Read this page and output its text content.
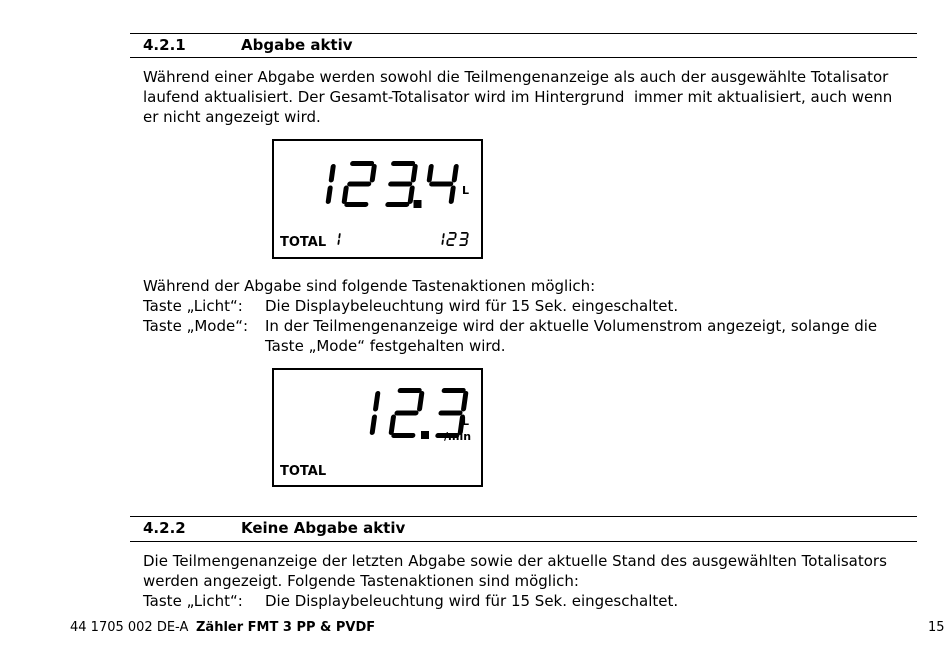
4.2.1	Abgabe aktiv
Während einer Abgabe werden sowohl die Teilmengenanzeige als auch der ausgewählte Totalisator
laufend aktualisiert. Der Gesamt-Totalisator wird im Hintergrund  immer mit aktualisiert, auch wenn
er nicht angezeigt wird.
L
TOTAL
Während der Abgabe sind folgende Tastenaktionen möglich:
Taste „Licht“: Die Displaybeleuchtung wird für 15 Sek. eingeschaltet.
Taste „Mode“: In der Teilmengenanzeige wird der aktuelle Volumenstrom angezeigt, solange die
Taste „Mode“ festgehalten wird.
L
/min
TOTAL
4.2.2	Keine Abgabe aktiv
Die Teilmengenanzeige der letzten Abgabe sowie der aktuelle Stand des ausgewählten Totalisators
werden angezeigt. Folgende Tastenaktionen sind möglich:
Taste „Licht“: Die Displaybeleuchtung wird für 15 Sek. eingeschaltet.
44 1705 002 DE-A Zähler FMT 3 PP & PVDF	15
